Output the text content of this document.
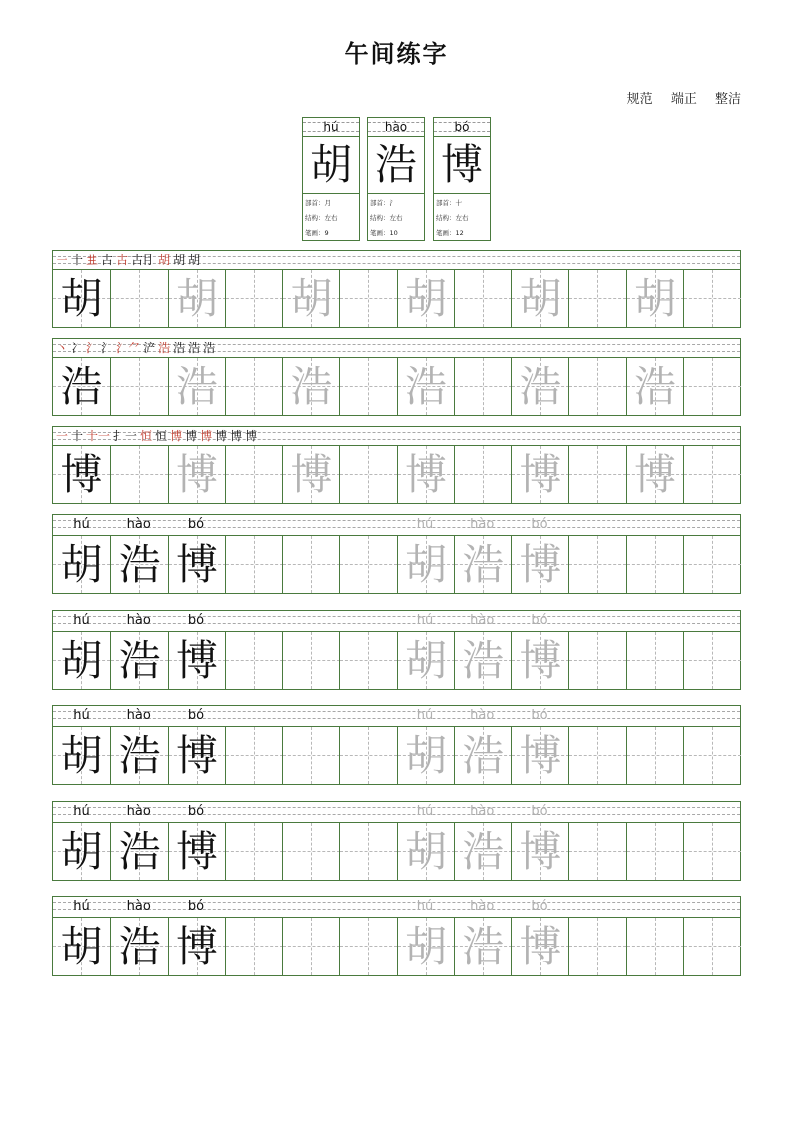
午间练字
规范 端正 整洁
hú
胡
部首：月
结构：左右
笔画：9
hào
浩
部首：氵
结构：左右
笔画：10
bó
博
部首：十
结构：左右
笔画：12
㇐ 十 𠀎 古 古 古⺝ 胡 胡 胡
胡 胡 胡 胡 胡 胡
丶 冫 氵 氵 氵⺈ 浐 浩 浩 浩 浩
浩 浩 浩 浩 浩 浩
一 十 十⼀ 扌⼀ 恒 恒 博 博 博 博 博 博
博 博 博 博 博 博
hú	hú
hào	hào
bó	bó
胡 浩 博	胡 浩 博
hú	hú
hào	hào
bó	bó
胡 浩 博	胡 浩 博
hú	hú
hào	hào
bó	bó
胡 浩 博	胡 浩 博
hú	hú
hào	hào
bó	bó
胡 浩 博	胡 浩 博
hú	hú
hào	hào
bó	bó
胡 浩 博	胡 浩 博
